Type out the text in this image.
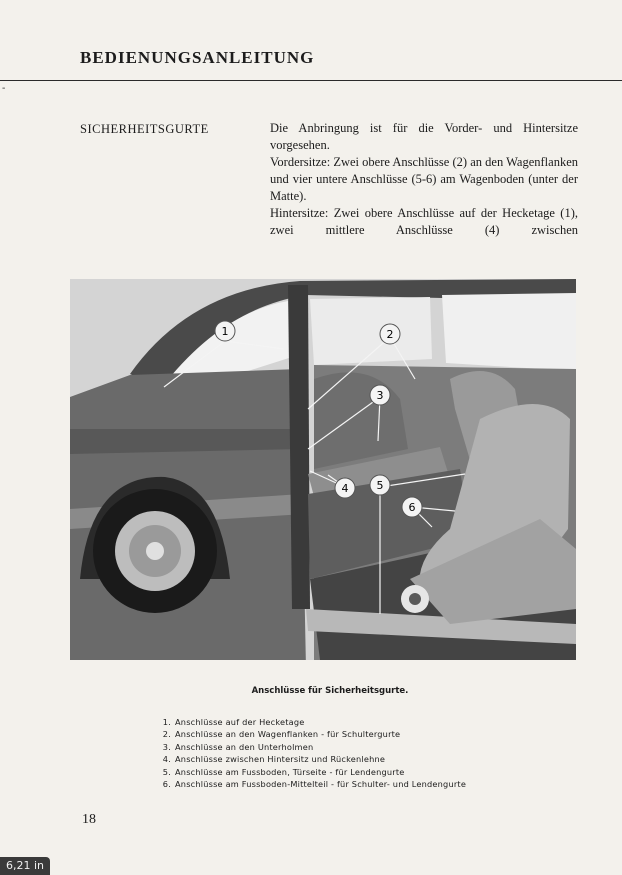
BEDIENUNGSANLEITUNG
-
SICHERHEITSGURTE	Die Anbringung ist für die Vorder- und Hintersitze vorgesehen.

Vordersitze: Zwei obere Anschlüsse (2) an den Wagenflanken und vier untere Anschlüsse (5-6) am Wagenboden (unter der Matte).

Hintersitze: Zwei obere Anschlüsse auf der Hecketage (1), zwei mittlere Anschlüsse (4) zwischen

1	2
3
4	5
6

Anschlüsse für Sicherheitsgurte.

1. Anschlüsse auf der Hecketage
2. Anschlüsse an den Wagenflanken - für Schultergurte
3. Anschlüsse an den Unterholmen
4. Anschlüsse zwischen Hintersitz und Rückenlehne
5. Anschlüsse am Fussboden, Türseite - für Lendengurte
6. Anschlüsse am Fussboden-Mittelteil - für Schulter- und Lendengurte
18
6,21 in
